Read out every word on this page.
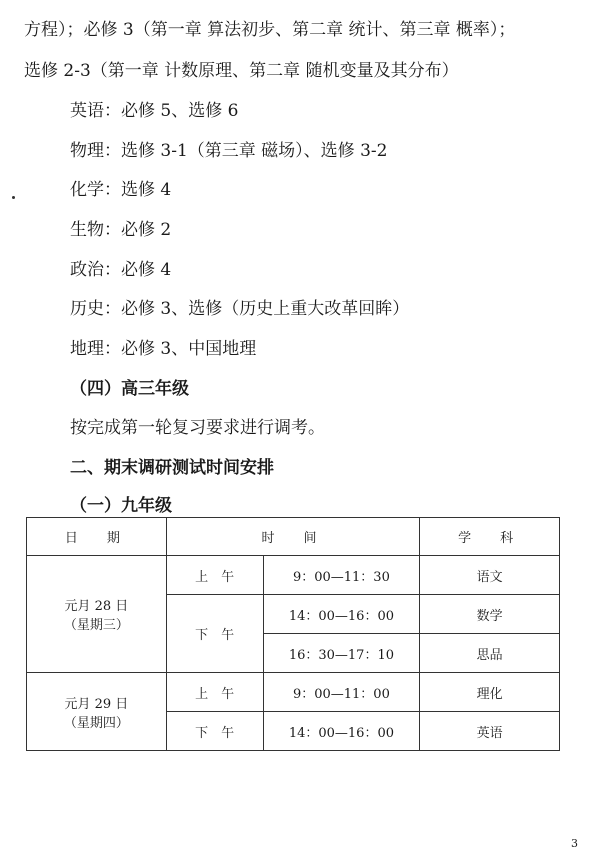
方程）；必修 3（第一章 算法初步、第二章 统计、第三章 概率）；
选修 2-3（第一章 计数原理、第二章 随机变量及其分布）
英语：必修 5、选修 6
物理：选修 3-1（第三章 磁场）、选修 3-2
化学：选修 4
生物：必修 2
政治：必修 4
历史：必修 3、选修（历史上重大改革回眸）
地理：必修 3、中国地理
（四）高三年级
按完成第一轮复习要求进行调考。
二、期末调研测试时间安排
（一）九年级
日　期	时　间		学　科

元月 28 日
（星期三）	上　午	9：00—11：30	语文
	下　午	14：00—16：00	数学
		16：30—17：10	思品

元月 29 日
（星期四）	上　午	9：00—11：00	理化
	下　午	14：00—16：00	英语
3
